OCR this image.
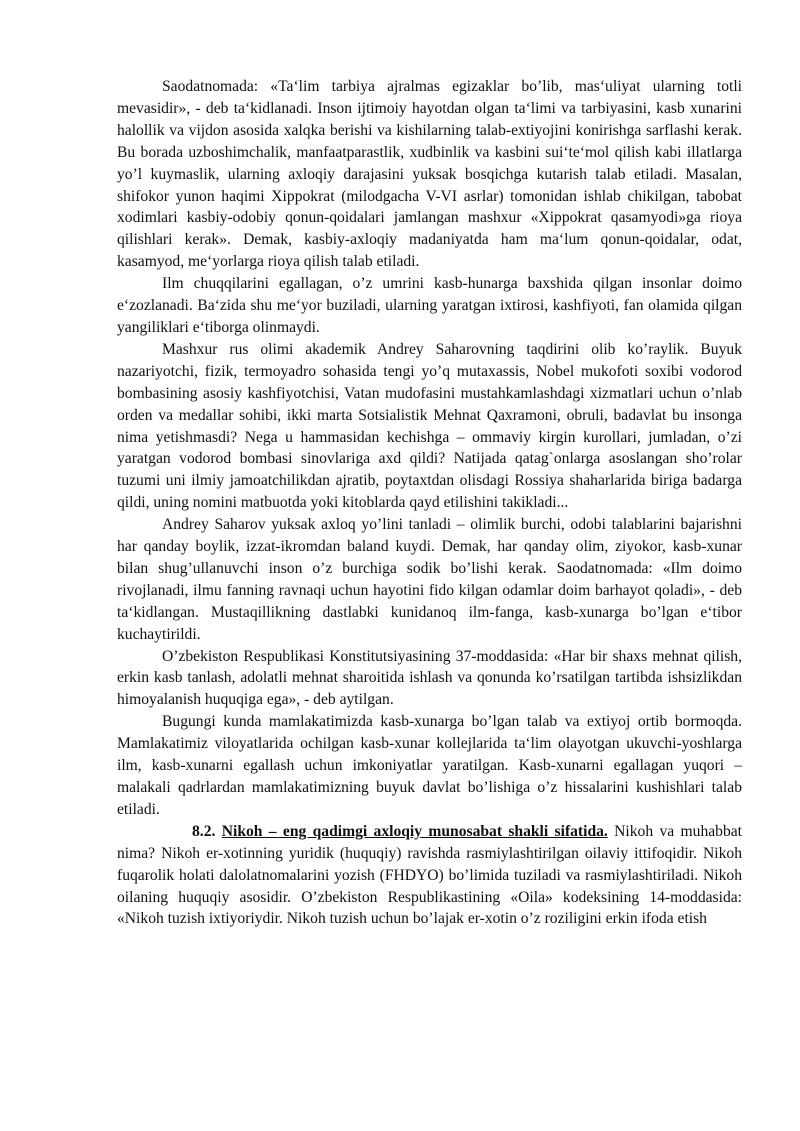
Saodatnomada: «Taʻlim tarbiya ajralmas egizaklar boʼlib, masʻuliyat ularning totli mevasidir», - deb taʻkidlanadi. Inson ijtimoiy hayotdan olgan taʻlimi va tarbiyasini, kasb xunarini halollik va vijdon asosida xalqka berishi va kishilarning talab-extiyojini konirishga sarflashi kerak. Bu borada uzboshimchalik, manfaatparastlik, xudbinlik va kasbini suiʻteʻmol qilish kabi illatlarga yoʼl kuymaslik, ularning axloqiy darajasini yuksak bosqichga kutarish talab etiladi. Masalan, shifokor yunon haqimi Xippokrat (milodgacha V-VI asrlar) tomonidan ishlab chikilgan, tabobat xodimlari kasbiy-odobiy qonun-qoidalari jamlangan mashxur «Xippokrat qasamyodi»ga rioya qilishlari kerak». Demak, kasbiy-axloqiy madaniyatda ham maʻlum qonun-qoidalar, odat, kasamyod, meʻyorlarga rioya qilish talab etiladi.

Ilm chuqqilarini egallagan, oʼz umrini kasb-hunarga baxshida qilgan insonlar doimo eʻzozlanadi. Baʻzida shu meʻyor buziladi, ularning yaratgan ixtirosi, kashfiyoti, fan olamida qilgan yangiliklari eʻtiborga olinmaydi.

Mashxur rus olimi akademik Andrey Saharovning taqdirini olib koʼraylik. Buyuk nazariyotchi, fizik, termoyadro sohasida tengi yoʼq mutaxassis, Nobel mukofoti soxibi vodorod bombasining asosiy kashfiyotchisi, Vatan mudofasini mustahkamlashdagi xizmatlari uchun oʼnlab orden va medallar sohibi, ikki marta Sotsialistik Mehnat Qaxramoni, obruli, badavlat bu insonga nima yetishmasdi? Nega u hammasidan kechishga – ommaviy kirgin kurollari, jumladan, oʼzi yaratgan vodorod bombasi sinovlariga axd qildi? Natijada qatag`onlarga asoslangan shoʼrolar tuzumi uni ilmiy jamoatchilikdan ajratib, poytaxtdan olisdagi Rossiya shaharlarida biriga badarga qildi, uning nomini matbuotda yoki kitoblarda qayd etilishini takikladi...

Andrey Saharov yuksak axloq yoʼlini tanladi – olimlik burchi, odobi talablarini bajarishni har qanday boylik, izzat-ikromdan baland kuydi. Demak, har qanday olim, ziyokor, kasb-xunar bilan shugʼullanuvchi inson oʼz burchiga sodik boʼlishi kerak. Saodatnomada: «Ilm doimo rivojlanadi, ilmu fanning ravnaqi uchun hayotini fido kilgan odamlar doim barhayot qoladi», - deb taʻkidlangan. Mustaqillikning dastlabki kunidanoq ilm-fanga, kasb-xunarga boʼlgan eʻtibor kuchaytirildi.

Oʼzbekiston Respublikasi Konstitutsiyasining 37-moddasida: «Har bir shaxs mehnat qilish, erkin kasb tanlash, adolatli mehnat sharoitida ishlash va qonunda koʼrsatilgan tartibda ishsizlikdan himoyalanish huquqiga ega», - deb aytilgan.

Bugungi kunda mamlakatimizda kasb-xunarga boʼlgan talab va extiyoj ortib bormoqda. Mamlakatimiz viloyatlarida ochilgan kasb-xunar kollejlarida taʻlim olayotgan ukuvchi-yoshlarga ilm, kasb-xunarni egallash uchun imkoniyatlar yaratilgan. Kasb-xunarni egallagan yuqori – malakali qadrlardan mamlakatimizning buyuk davlat boʼlishiga oʼz hissalarini kushishlari talab etiladi.

8.2. Nikoh – eng qadimgi axloqiy munosabat shakli sifatida. Nikoh va muhabbat nima? Nikoh er-xotinning yuridik (huquqiy) ravishda rasmiylashtirilgan oilaviy ittifoqidir. Nikoh fuqarolik holati dalolatnomalarini yozish (FHDYO) boʼlimida tuziladi va rasmiylashtiriladi. Nikoh oilaning huquqiy asosidir. Oʼzbekiston Respublikastining «Oila» kodeksining 14-moddasida: «Nikoh tuzish ixtiyoriydir. Nikoh tuzish uchun boʼlajak er-xotin oʼz roziligini erkin ifoda etish
